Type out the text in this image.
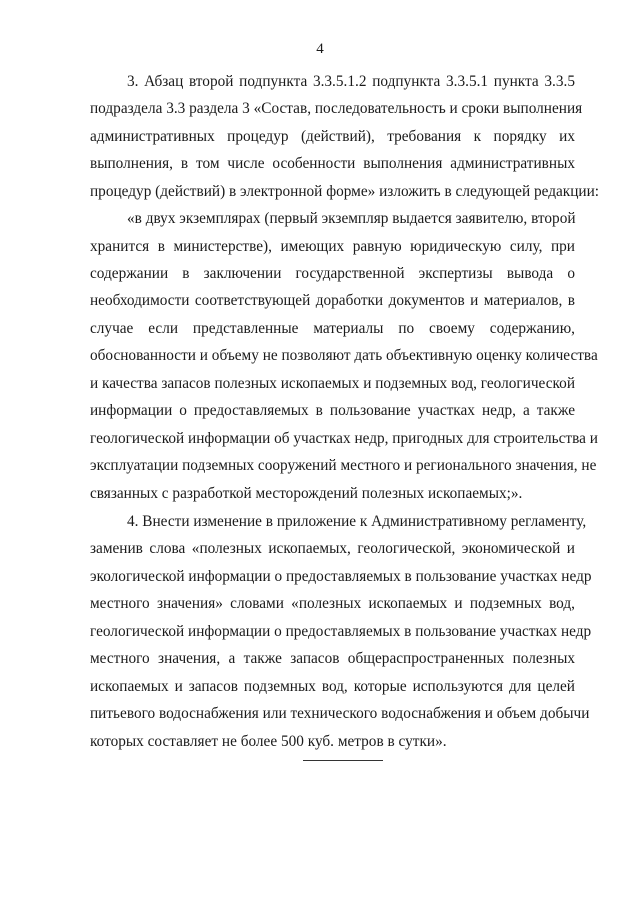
4
3. Абзац второй подпункта 3.3.5.1.2 подпункта 3.3.5.1 пункта 3.3.5
подраздела 3.3 раздела 3 «Состав, последовательность и сроки выполнения
административных процедур (действий), требования к порядку их
выполнения, в том числе особенности выполнения административных
процедур (действий) в электронной форме» изложить в следующей редакции:
«в двух экземплярах (первый экземпляр выдается заявителю, второй
хранится в министерстве), имеющих равную юридическую силу, при
содержании в заключении государственной экспертизы вывода о
необходимости соответствующей доработки документов и материалов, в
случае если представленные материалы по своему содержанию,
обоснованности и объему не позволяют дать объективную оценку количества
и качества запасов полезных ископаемых и подземных вод, геологической
информации о предоставляемых в пользование участках недр, а также
геологической информации об участках недр, пригодных для строительства и
эксплуатации подземных сооружений местного и регионального значения, не
связанных с разработкой месторождений полезных ископаемых;».
4. Внести изменение в приложение к Административному регламенту,
заменив слова «полезных ископаемых, геологической, экономической и
экологической информации о предоставляемых в пользование участках недр
местного значения» словами «полезных ископаемых и подземных вод,
геологической информации о предоставляемых в пользование участках недр
местного значения, а также запасов общераспространенных полезных
ископаемых и запасов подземных вод, которые используются для целей
питьевого водоснабжения или технического водоснабжения и объем добычи
которых составляет не более 500 куб. метров в сутки».
